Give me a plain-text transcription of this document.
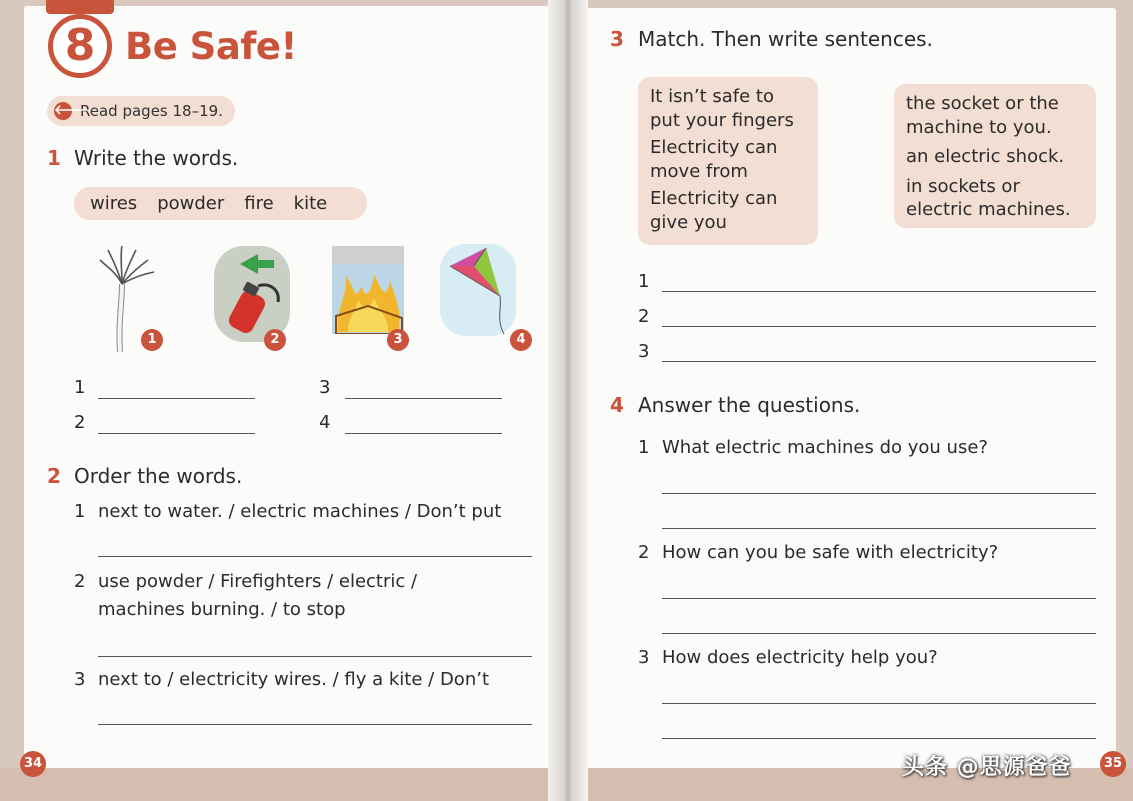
8 Be Safe!
Read pages 18–19.
🡐
1 Write the words.
wires powder fire kite
1	2	3	4
1
2
3
4
2 Order the words.
1 next to water. / electric machines / Don’t put
2 use powder / Firefighters / electric /
machines burning. / to stop
3 next to / electricity wires. / fly a kite / Don’t
3 Match. Then write sentences.
It isn’t safe to
put your fingers
Electricity can
move from
Electricity can
give you
the socket or the
machine to you.
an electric shock.
in sockets or
electric machines.
1
2
3
4 Answer the questions.
1 What electric machines do you use?
2 How can you be safe with electricity?
3 How does electricity help you?
34	35
头条 @思源爸爸
